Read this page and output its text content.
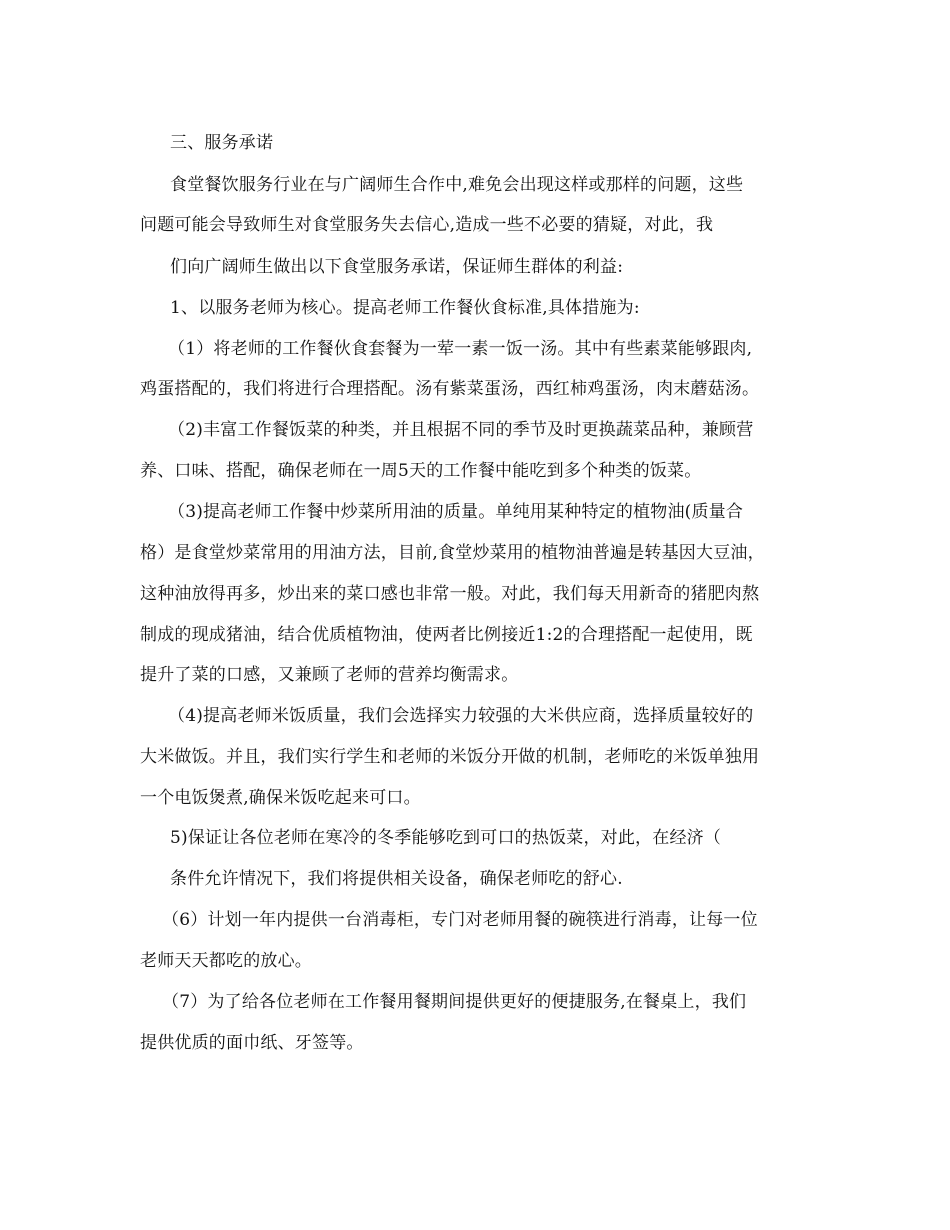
三、服务承诺
食堂餐饮服务行业在与广阔师生合作中,难免会出现这样或那样的问题，这些
问题可能会导致师生对食堂服务失去信心,造成一些不必要的猜疑，对此，我
们向广阔师生做出以下食堂服务承诺，保证师生群体的利益:
1、以服务老师为核心。提高老师工作餐伙食标准,具体措施为:
（1）将老师的工作餐伙食套餐为一荤一素一饭一汤。其中有些素菜能够跟肉,
鸡蛋搭配的，我们将进行合理搭配。汤有紫菜蛋汤，西红柿鸡蛋汤，肉末蘑菇汤。
（2)丰富工作餐饭菜的种类，并且根据不同的季节及时更换蔬菜品种，兼顾营
养、口味、搭配，确保老师在一周5天的工作餐中能吃到多个种类的饭菜。
（3)提高老师工作餐中炒菜所用油的质量。单纯用某种特定的植物油(质量合
格）是食堂炒菜常用的用油方法，目前,食堂炒菜用的植物油普遍是转基因大豆油，
这种油放得再多，炒出来的菜口感也非常一般。对此，我们每天用新奇的猪肥肉熬
制成的现成猪油，结合优质植物油，使两者比例接近1:2的合理搭配一起使用，既
提升了菜的口感，又兼顾了老师的营养均衡需求。
（4)提高老师米饭质量，我们会选择实力较强的大米供应商，选择质量较好的
大米做饭。并且，我们实行学生和老师的米饭分开做的机制，老师吃的米饭单独用
一个电饭煲煮,确保米饭吃起来可口。
5)保证让各位老师在寒冷的冬季能够吃到可口的热饭菜，对此，在经济（
条件允许情况下，我们将提供相关设备，确保老师吃的舒心.
（6）计划一年内提供一台消毒柜，专门对老师用餐的碗筷进行消毒，让每一位
老师天天都吃的放心。
（7）为了给各位老师在工作餐用餐期间提供更好的便捷服务,在餐桌上，我们
提供优质的面巾纸、牙签等。
